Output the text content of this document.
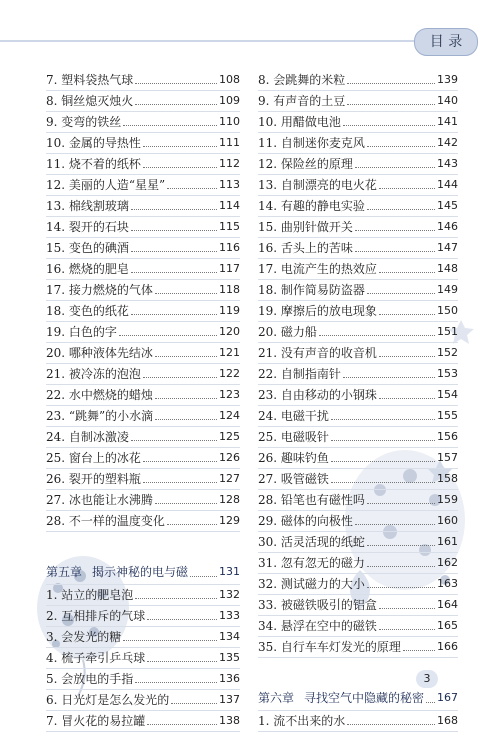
目 录
7. 塑料袋热气球	108
8. 铜丝熄灭烛火	109
9. 变弯的铁丝	110
10. 金属的导热性	111
11. 烧不着的纸杯	112
12. 美丽的人造“星星”	113
13. 棉线割玻璃	114
14. 裂开的石块	115
15. 变色的碘酒	116
16. 燃烧的肥皂	117
17. 接力燃烧的气体	118
18. 变色的纸花	119
19. 白色的字	120
20. 哪种液体先结冰	121
21. 被冷冻的泡泡	122
22. 水中燃烧的蜡烛	123
23. “跳舞”的小水滴	124
24. 自制冰激凌	125
25. 窗台上的冰花	126
26. 裂开的塑料瓶	127
27. 冰也能让水沸腾	128
28. 不一样的温度变化	129
第五章 揭示神秘的电与磁	131
1. 站立的肥皂泡	132
2. 互相排斥的气球	133
3. 会发光的糖	134
4. 梳子牵引乒乓球	135
5. 会放电的手指	136
6. 日光灯是怎么发光的	137
7. 冒火花的易拉罐	138
8. 会跳舞的米粒	139
9. 有声音的土豆	140
10. 用醋做电池	141
11. 自制迷你麦克风	142
12. 保险丝的原理	143
13. 自制漂亮的电火花	144
14. 有趣的静电实验	145
15. 曲别针做开关	146
16. 舌头上的苦味	147
17. 电流产生的热效应	148
18. 制作简易防盗器	149
19. 摩擦后的放电现象	150
20. 磁力船	151
21. 没有声音的收音机	152
22. 自制指南针	153
23. 自由移动的小钢珠	154
24. 电磁干扰	155
25. 电磁吸针	156
26. 趣味钓鱼	157
27. 吸管磁铁	158
28. 铅笔也有磁性吗	159
29. 磁体的向极性	160
30. 活灵活现的纸蛇	161
31. 忽有忽无的磁力	162
32. 测试磁力的大小	163
33. 被磁铁吸引的铝盒	164
34. 悬浮在空中的磁铁	165
35. 自行车车灯发光的原理	166
第六章 寻找空气中隐藏的秘密 167
1. 流不出来的水	168
3
